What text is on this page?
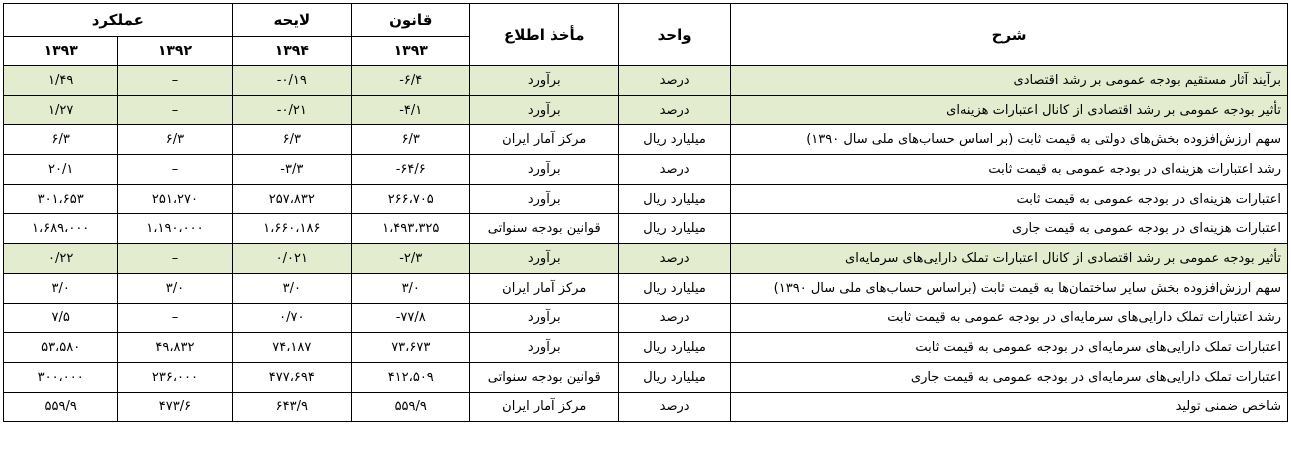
شرح	واحد	مأخذ اطلاع	قانون	لایحه	عملکرد	
			۱۳۹۳	۱۳۹۴	۱۳۹۲	۱۳۹۳
برآیند آثار مستقیم بودجه عمومی بر رشد اقتصادی	درصد	برآورد	-۶/۴	-۰/۱۹	–	۱/۴۹
تأثیر بودجه عمومی بر رشد اقتصادی از کانال اعتبارات هزینه‌ای	درصد	برآورد	-۴/۱	-۰/۲۱	–	۱/۲۷
سهم ارزش‌افزوده بخش‌های دولتی به قیمت ثابت (بر اساس حساب‌های ملی سال ۱۳۹۰)	میلیارد ریال	مرکز آمار ایران	۶/۳	۶/۳	۶/۳	۶/۳
رشد اعتبارات هزینه‌ای در بودجه عمومی به قیمت ثابت	درصد	برآورد	-۶۴/۶	-۳/۳	–	۲۰/۱
اعتبارات هزینه‌ای در بودجه عمومی به قیمت ثابت	میلیارد ریال	برآورد	۲۶۶،۷۰۵	۲۵۷،۸۳۲	۲۵۱،۲۷۰	۳۰۱،۶۵۳
اعتبارات هزینه‌ای در بودجه عمومی به قیمت جاری	میلیارد ریال	قوانین بودجه سنواتی	۱،۴۹۳،۳۲۵	۱،۶۶۰،۱۸۶	۱،۱۹۰،۰۰۰	۱،۶۸۹،۰۰۰
تأثیر بودجه عمومی بر رشد اقتصادی از کانال اعتبارات تملک دارایی‌های سرمایه‌ای	درصد	برآورد	-۲/۳	۰/۰۲۱	–	۰/۲۲
سهم ارزش‌افزوده بخش سایر ساختمان‌ها به قیمت ثابت (براساس حساب‌های ملی سال ۱۳۹۰)	میلیارد ریال	مرکز آمار ایران	۳/۰	۳/۰	۳/۰	۳/۰
رشد اعتبارات تملک دارایی‌های سرمایه‌ای در بودجه عمومی به قیمت ثابت	درصد	برآورد	-۷۷/۸	۰/۷۰	–	۷/۵
اعتبارات تملک دارایی‌های سرمایه‌ای در بودجه عمومی به قیمت ثابت	میلیارد ریال	برآورد	۷۳،۶۷۳	۷۴،۱۸۷	۴۹،۸۳۲	۵۳،۵۸۰
اعتبارات تملک دارایی‌های سرمایه‌ای در بودجه عمومی به قیمت جاری	میلیارد ریال	قوانین بودجه سنواتی	۴۱۲،۵۰۹	۴۷۷،۶۹۴	۲۳۶،۰۰۰	۳۰۰،۰۰۰
شاخص ضمنی تولید	درصد	مرکز آمار ایران	۵۵۹/۹	۶۴۳/۹	۴۷۳/۶	۵۵۹/۹
